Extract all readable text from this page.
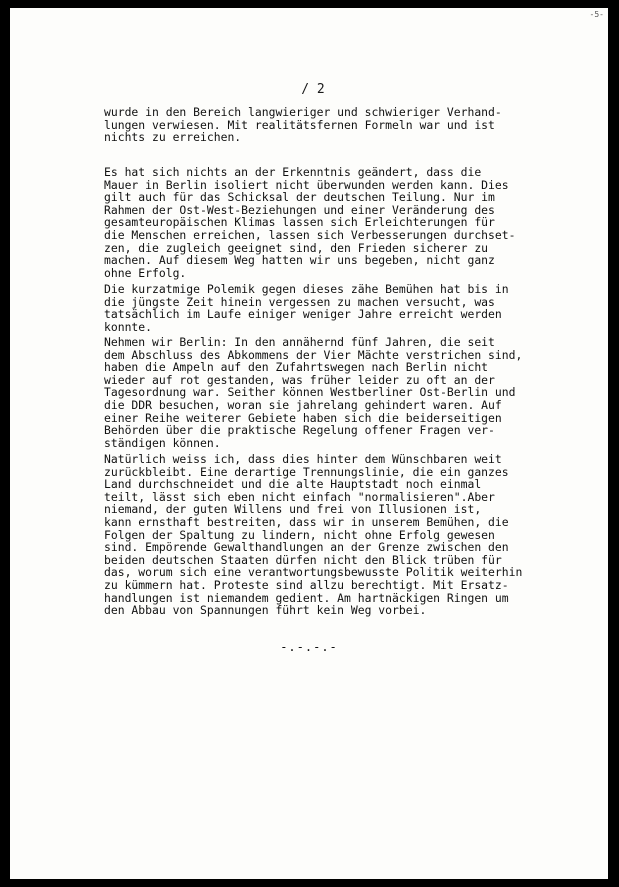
-5-
/ 2

wurde in den Bereich langwieriger und schwieriger Verhand-
lungen verwiesen. Mit realitätsfernen Formeln war und ist
nichts zu erreichen.

Es hat sich nichts an der Erkenntnis geändert, dass die
Mauer in Berlin isoliert nicht überwunden werden kann. Dies
gilt auch für das Schicksal der deutschen Teilung. Nur im
Rahmen der Ost-West-Beziehungen und einer Veränderung des
gesamteuropäischen Klimas lassen sich Erleichterungen für
die Menschen erreichen, lassen sich Verbesserungen durchset-
zen, die zugleich geeignet sind, den Frieden sicherer zu
machen. Auf diesem Weg hatten wir uns begeben, nicht ganz
ohne Erfolg.

Die kurzatmige Polemik gegen dieses zähe Bemühen hat bis in
die jüngste Zeit hinein vergessen zu machen versucht, was
tatsächlich im Laufe einiger weniger Jahre erreicht werden
konnte.

Nehmen wir Berlin: In den annähernd fünf Jahren, die seit
dem Abschluss des Abkommens der Vier Mächte verstrichen sind,
haben die Ampeln auf den Zufahrtswegen nach Berlin nicht
wieder auf rot gestanden, was früher leider zu oft an der
Tagesordnung war. Seither können Westberliner Ost-Berlin und
die DDR besuchen, woran sie jahrelang gehindert waren. Auf
einer Reihe weiterer Gebiete haben sich die beiderseitigen
Behörden über die praktische Regelung offener Fragen ver-
ständigen können.

Natürlich weiss ich, dass dies hinter dem Wünschbaren weit
zurückbleibt. Eine derartige Trennungslinie, die ein ganzes
Land durchschneidet und die alte Hauptstadt noch einmal
teilt, lässt sich eben nicht einfach "normalisieren".Aber
niemand, der guten Willens und frei von Illusionen ist,
kann ernsthaft bestreiten, dass wir in unserem Bemühen, die
Folgen der Spaltung zu lindern, nicht ohne Erfolg gewesen
sind. Empörende Gewalthandlungen an der Grenze zwischen den
beiden deutschen Staaten dürfen nicht den Blick trüben für
das, worum sich eine verantwortungsbewusste Politik weiterhin
zu kümmern hat. Proteste sind allzu berechtigt. Mit Ersatz-
handlungen ist niemandem gedient. Am hartnäckigen Ringen um
den Abbau von Spannungen führt kein Weg vorbei.

-.-.-.-
